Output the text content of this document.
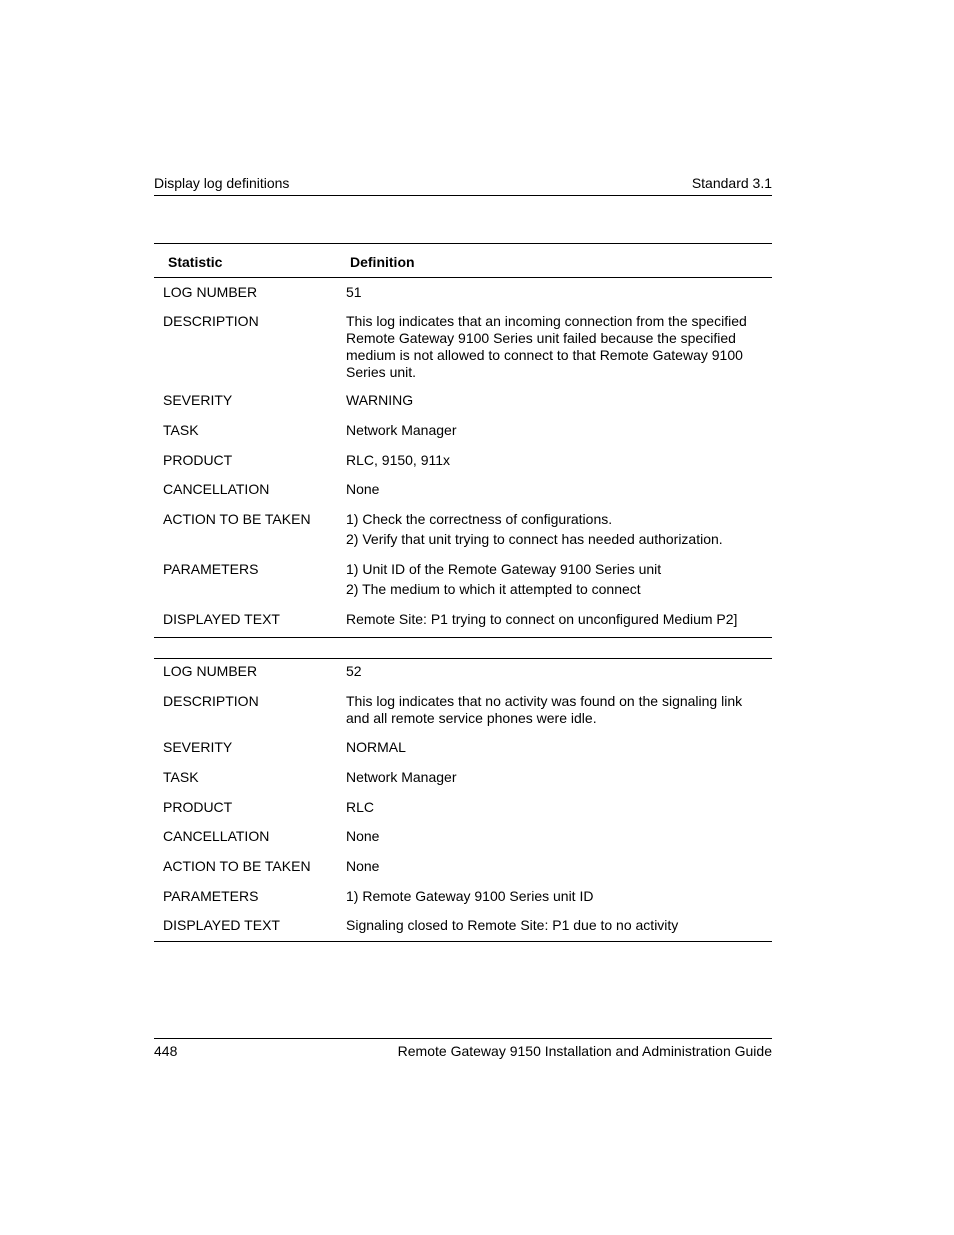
Display log definitions	Standard 3.1
Statistic	Definition
LOG NUMBER	51
DESCRIPTION	This log indicates that an incoming connection from the specified Remote Gateway 9100 Series unit failed because the specified medium is not allowed to connect to that Remote Gateway 9100 Series unit.
SEVERITY	WARNING
TASK	Network Manager
PRODUCT	RLC, 9150, 911x
CANCELLATION	None
ACTION TO BE TAKEN	1) Check the correctness of configurations.
2) Verify that unit trying to connect has needed authorization.
PARAMETERS	1) Unit ID of the Remote Gateway 9100 Series unit
2) The medium to which it attempted to connect
DISPLAYED TEXT	Remote Site: P1 trying to connect on unconfigured Medium P2]
LOG NUMBER	52
DESCRIPTION	This log indicates that no activity was found on the signaling link and all remote service phones were idle.
SEVERITY	NORMAL
TASK	Network Manager
PRODUCT	RLC
CANCELLATION	None
ACTION TO BE TAKEN	None
PARAMETERS	1) Remote Gateway 9100 Series unit ID
DISPLAYED TEXT	Signaling closed to Remote Site: P1 due to no activity
448	Remote Gateway 9150 Installation and Administration Guide
